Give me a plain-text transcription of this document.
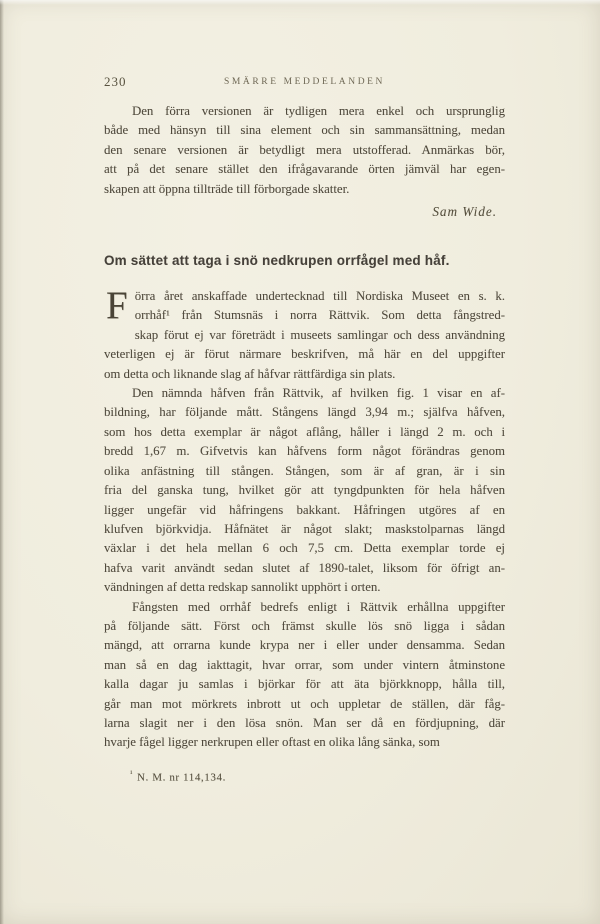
230	SMÄRRE MEDDELANDEN
Den förra versionen är tydligen mera enkel och ursprunglig
både med hänsyn till sina element och sin sammansättning, medan
den senare versionen är betydligt mera utstofferad. Anmärkas bör,
att på det senare stället den ifrågavarande örten jämväl har egen-
skapen att öppna tillträde till förborgade skatter.
Sam Wide.
Om sättet att taga i snö nedkrupen orrfågel med håf.
F örra året anskaffade undertecknad till Nordiska Museet en s. k.
orrhåf¹ från Stumsnäs i norra Rättvik. Som detta fångstred-
skap förut ej var företrädt i museets samlingar och dess användning
veterligen ej är förut närmare beskrifven, må här en del uppgifter
om detta och liknande slag af håfvar rättfärdiga sin plats.
Den nämnda håfven från Rättvik, af hvilken fig. 1 visar en af-
bildning, har följande mått. Stångens längd 3,94 m.; själfva håfven,
som hos detta exemplar är något aflång, håller i längd 2 m. och i
bredd 1,67 m. Gifvetvis kan håfvens form något förändras genom
olika anfästning till stången. Stången, som är af gran, är i sin
fria del ganska tung, hvilket gör att tyngdpunkten för hela håfven
ligger ungefär vid håfringens bakkant. Håfringen utgöres af en
klufven björkvidja. Håfnätet är något slakt; maskstolparnas längd
växlar i det hela mellan 6 och 7,5 cm. Detta exemplar torde ej
hafva varit användt sedan slutet af 1890-talet, liksom för öfrigt an-
vändningen af detta redskap sannolikt upphört i orten.
Fångsten med orrhåf bedrefs enligt i Rättvik erhållna uppgifter
på följande sätt. Först och främst skulle lös snö ligga i sådan
mängd, att orrarna kunde krypa ner i eller under densamma. Sedan
man så en dag iakttagit, hvar orrar, som under vintern åtminstone
kalla dagar ju samlas i björkar för att äta björkknopp, hålla till,
går man mot mörkrets inbrott ut och uppletar de ställen, där fåg-
larna slagit ner i den lösa snön. Man ser då en fördjupning, där
hvarje fågel ligger nerkrupen eller oftast en olika lång sänka, som
$^{^1}$ N. M. nr 114,134.
